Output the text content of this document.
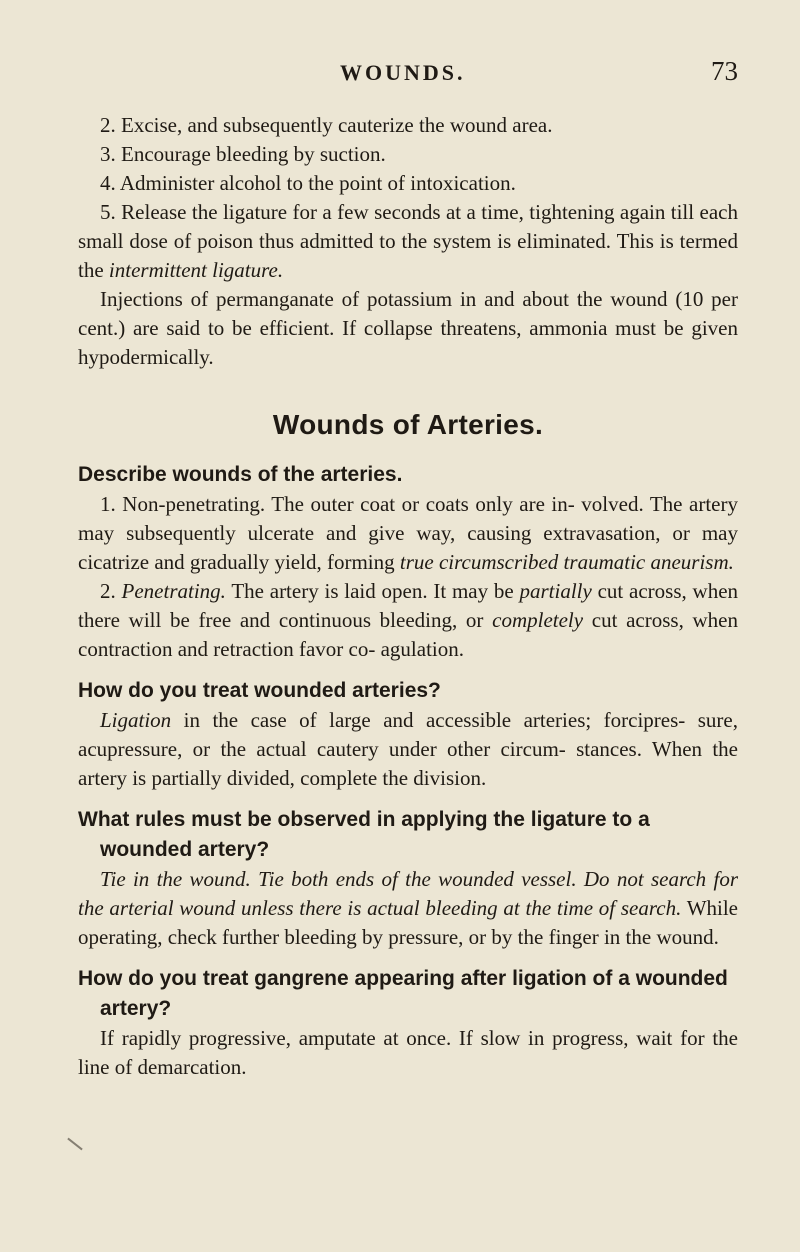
WOUNDS.	73

2. Excise, and subsequently cauterize the wound area.

3. Encourage bleeding by suction.

4. Administer alcohol to the point of intoxication.

5. Release the ligature for a few seconds at a time, tightening again till each small dose of poison thus admitted to the system is eliminated. This is termed the intermittent ligature.

Injections of permanganate of potassium in and about the wound (10 per cent.) are said to be efficient. If collapse threatens, ammonia must be given hypodermically.

Wounds of Arteries.
Describe wounds of the arteries.

1. Non-penetrating. The outer coat or coats only are in- volved. The artery may subsequently ulcerate and give way, causing extravasation, or may cicatrize and gradually yield, forming true circumscribed traumatic aneurism.

2. Penetrating. The artery is laid open. It may be partially cut across, when there will be free and continuous bleeding, or completely cut across, when contraction and retraction favor co- agulation.

How do you treat wounded arteries?

Ligation in the case of large and accessible arteries; forcipres- sure, acupressure, or the actual cautery under other circum- stances. When the artery is partially divided, complete the division.

What rules must be observed in applying the ligature to a wounded artery?

Tie in the wound. Tie both ends of the wounded vessel. Do not search for the arterial wound unless there is actual bleeding at the time of search. While operating, check further bleeding by pressure, or by the finger in the wound.

How do you treat gangrene appearing after ligation of a wounded artery?

If rapidly progressive, amputate at once. If slow in progress, wait for the line of demarcation.
